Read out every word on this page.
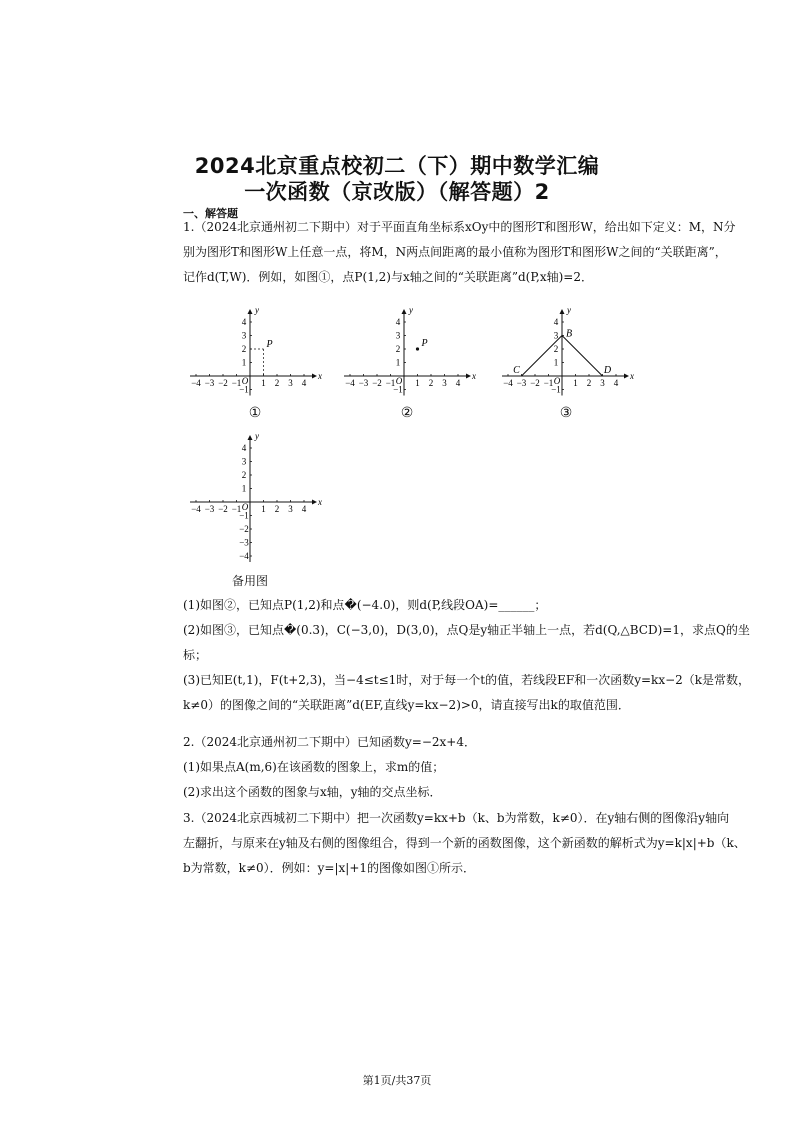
2024北京重点校初二（下）期中数学汇编
一次函数（京改版）（解答题）2
一、解答题

1.（2024北京通州初二下期中）对于平面直角坐标系xOy中的图形T和图形W，给出如下定义：M，N分

别为图形T和图形W上任意一点，将M，N两点间距离的最小值称为图形T和图形W之间的“关联距离”，

记作d(T,W)．例如，如图①，点P(1,2)与x轴之间的“关联距离”d(P,x轴)=2．

x
y
O
−4 −3 −2 −1 1 2 3 4
1
2
3
4
−1
P
①
x
y
O
−4 −3 −2 −1 1 2 3 4
1
2
3
4
−1
P
②
x
y
O
−4 −3 −2 −1 1 2 3 4
1
2
3
4
−1
B
C	D
③
x
y
O
−4 −3 −2 −1 1 2 3 4
1
2
3
4
−1
−2
−3
−4
备用图

(1)如图②，已知点P(1,2)和点�(−4.0)，则d(P,线段OA)=______；

(2)如图③，已知点�(0.3)，C(−3,0)，D(3,0)，点Q是y轴正半轴上一点，若d(Q,△BCD)=1，求点Q的坐

标；

(3)已知E(t,1)，F(t+2,3)，当−4≤t≤1时，对于每一个t的值，若线段EF和一次函数y=kx−2（k是常数，

k≠0）的图像之间的“关联距离”d(EF,直线y=kx−2)>0，请直接写出k的取值范围．

2.（2024北京通州初二下期中）已知函数y=−2x+4．

(1)如果点A(m,6)在该函数的图象上，求m的值；

(2)求出这个函数的图象与x轴，y轴的交点坐标．

3.（2024北京西城初二下期中）把一次函数y=kx+b（k、b为常数，k≠0）．在y轴右侧的图像沿y轴向

左翻折，与原来在y轴及右侧的图像组合，得到一个新的函数图像，这个新函数的解析式为y=k|x|+b（k、

b为常数，k≠0）．例如：y=|x|+1的图像如图①所示．

第1页/共37页
